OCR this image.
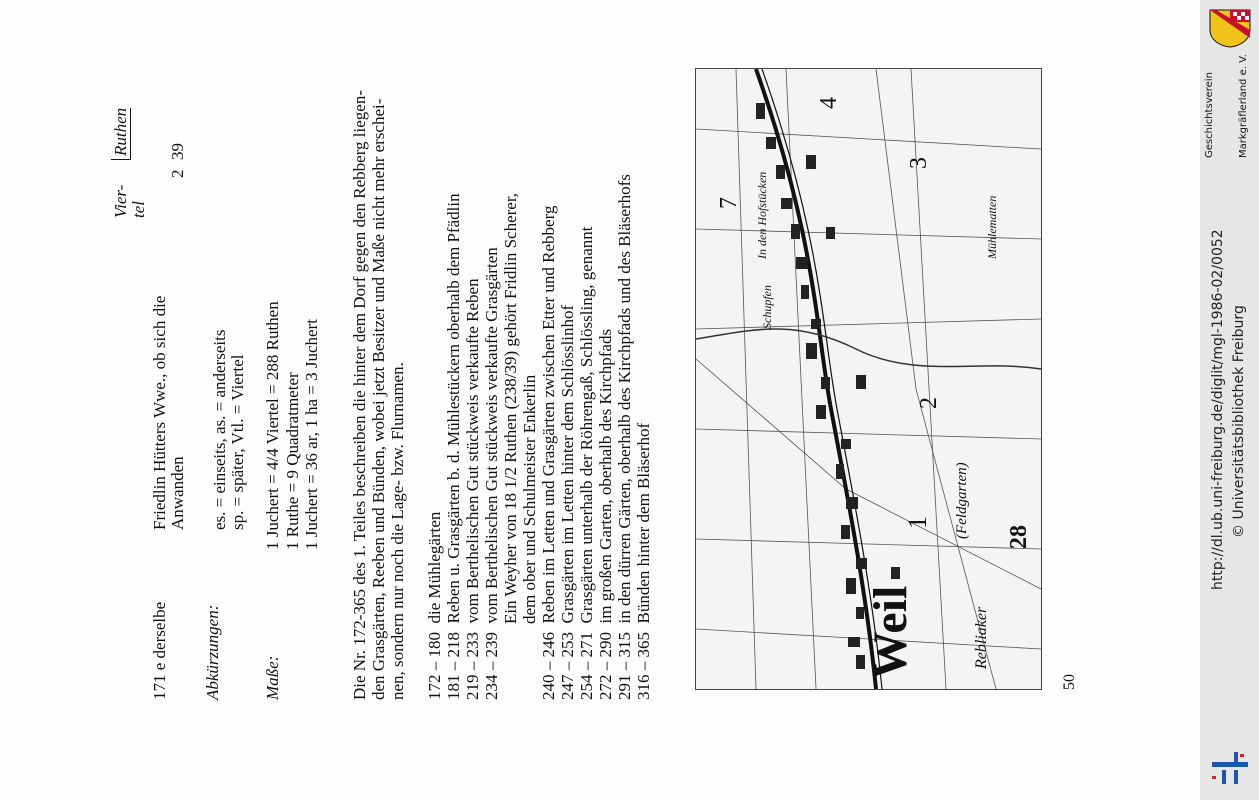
171 e derselbe
Friedlin Hütters Wwe., ob sich die Anwanden
Vier- tel
Ruthen
2
39
Abkürzungen:
es. = einseits, as. = anderseits sp. = später, Vtl. = Viertel
Maße:
1 Juchert = 4/4 Viertel = 288 Ruthen 1 Ruthe = 9 Quadratmeter 1 Juchert = 36 ar, 1 ha = 3 Juchert Die Nr. 172-365 des 1. Teiles beschreiben die hinter dem Dorf gegen den Rebberg liegen- den Grasgärten, Reeben und Bünden, wobei jetzt Besitzer und Maße nicht mehr erschei- nen, sondern nur noch die Lage- bzw. Flurnamen. 172 – 180  die Mühlegärten
181 – 218  Reben u. Grasgärten b. d. Mühlestückern oberhalb dem Pfädlin
219 – 233  vom Berthelischen Gut stückweis verkaufte Reben
234 – 239  vom Berthelischen Gut stückweis verkaufte Grasgärten Ein Weyher von 18 1/2 Ruthen (238/39) gehört Fridlin Scherer, dem ober und Schulmeister Enkerlin
240 – 246  Reben im Letten und Grasgärten zwischen Etter und Rebberg
247 – 253  Grasgärten im Letten hinter dem Schlösslinhof
254 – 271  Grasgärten unterhalb der Röhrengaß, Schlössling, genannt
272 – 290  im großen Garten, oberhalb des Kirchpfads
291 – 315  in den dürren Gärten, oberhalb des Kirchpfads und des Bläserhofs
316 – 365  Bünden hinter dem Bläserhof
Weil
1
2
3
4
7
28
(Feldgarten)
Rebliaker
Mühlematten
In den Hofstücken
Schupfen
50
Geschichtsverein Markgräflerland e. V.
http://dl.ub.uni-freiburg.de/diglit/mgl-1986-02/0052 © Universitätsbibliothek Freiburg
